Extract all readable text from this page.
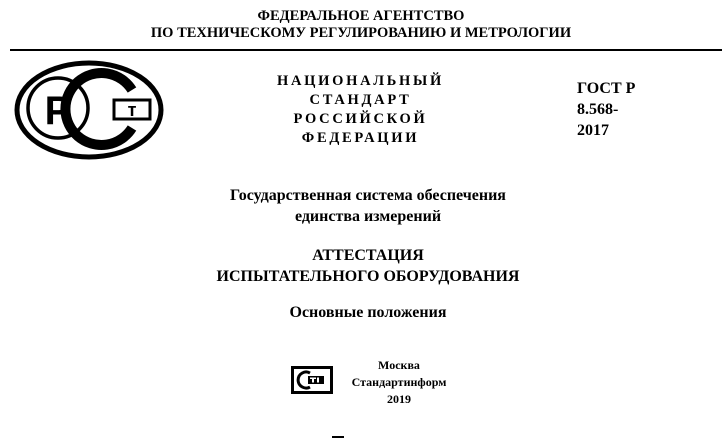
ФЕДЕРАЛЬНОЕ АГЕНТСТВО
ПО ТЕХНИЧЕСКОМУ РЕГУЛИРОВАНИЮ И МЕТРОЛОГИИ
Р	т
НАЦИОНАЛЬНЫЙ
СТАНДАРТ
РОССИЙСКОЙ
ФЕДЕРАЦИИ
ГОСТ Р
8.568-
2017
Государственная система обеспечения
единства измерений
АТТЕСТАЦИЯ
ИСПЫТАТЕЛЬНОГО ОБОРУДОВАНИЯ
Основные положения
Москва
Стандартинформ
2019
